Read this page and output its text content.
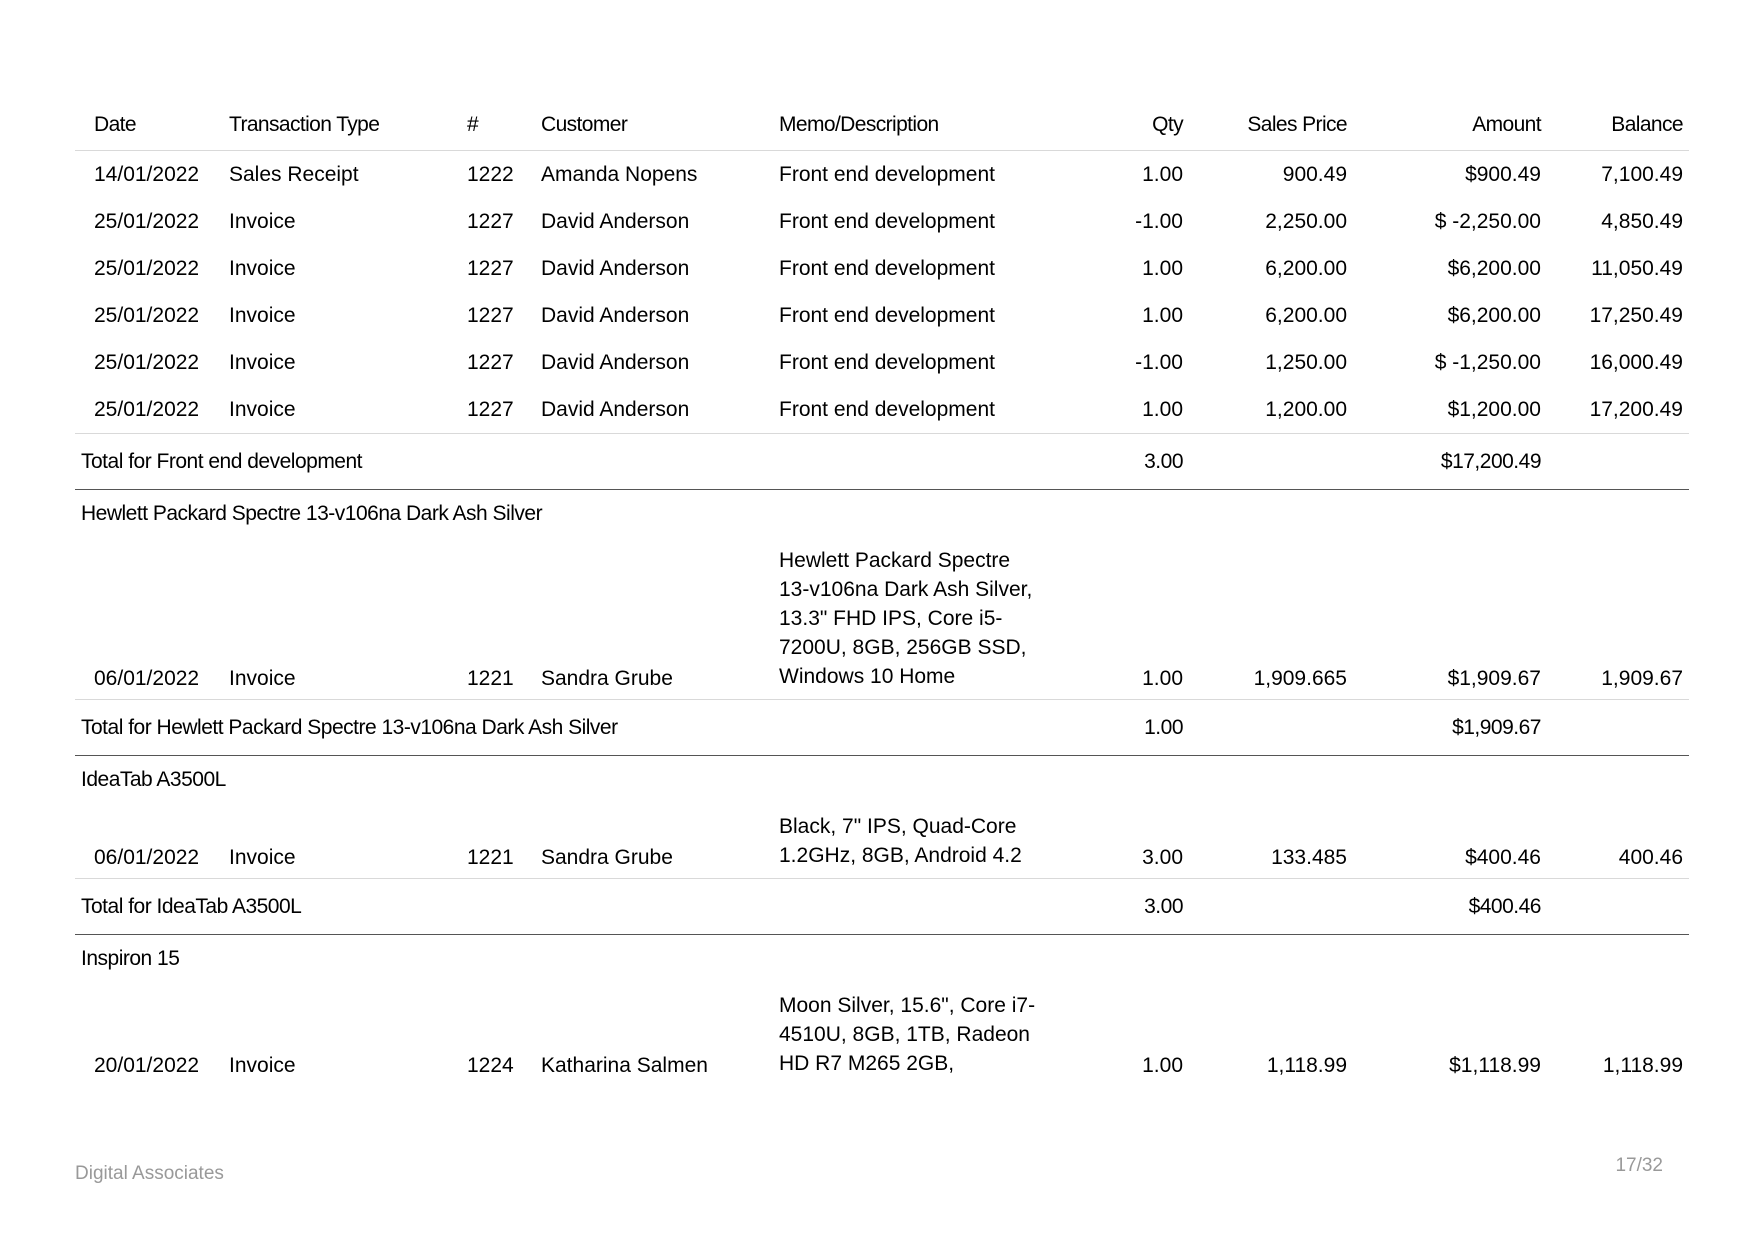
Date	Transaction Type	#	Customer	Memo/Description	Qty	Sales Price	Amount	Balance
14/01/2022	Sales Receipt	1222	Amanda Nopens	Front end development	1.00	900.49	$900.49	7,100.49
25/01/2022	Invoice	1227	David Anderson	Front end development	-1.00	2,250.00	$ -2,250.00	4,850.49
25/01/2022	Invoice	1227	David Anderson	Front end development	1.00	6,200.00	$6,200.00	11,050.49
25/01/2022	Invoice	1227	David Anderson	Front end development	1.00	6,200.00	$6,200.00	17,250.49
25/01/2022	Invoice	1227	David Anderson	Front end development	-1.00	1,250.00	$ -1,250.00	16,000.49
25/01/2022	Invoice	1227	David Anderson	Front end development	1.00	1,200.00	$1,200.00	17,200.49
Total for Front end development					3.00		$17,200.49	
Hewlett Packard Spectre 13-v106na Dark Ash Silver								
06/01/2022	Invoice	1221	Sandra Grube	Hewlett Packard Spectre 13-v106na Dark Ash Silver, 13.3" FHD IPS, Core i5-7200U, 8GB, 256GB SSD, Windows 10 Home	1.00	1,909.665	$1,909.67	1,909.67
Total for Hewlett Packard Spectre 13-v106na Dark Ash Silver					1.00		$1,909.67	
IdeaTab A3500L								
06/01/2022	Invoice	1221	Sandra Grube	Black, 7" IPS, Quad-Core 1.2GHz, 8GB, Android 4.2	3.00	133.485	$400.46	400.46
Total for IdeaTab A3500L					3.00		$400.46	
Inspiron 15								
20/01/2022	Invoice	1224	Katharina Salmen	Moon Silver, 15.6", Core i7-4510U, 8GB, 1TB, Radeon HD R7 M265 2GB,	1.00	1,118.99	$1,118.99	1,118.99
Digital Associates	17/32
